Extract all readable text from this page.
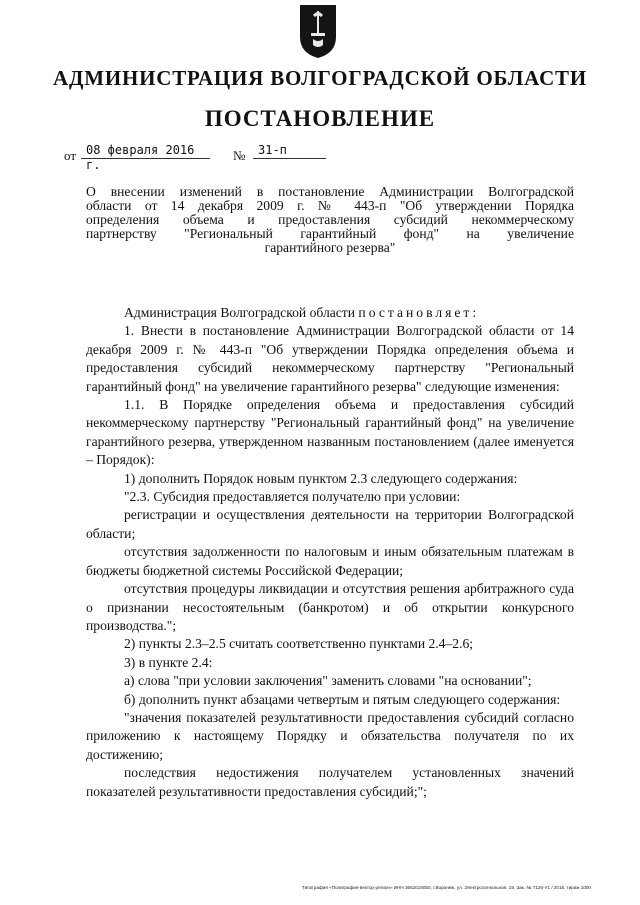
АДМИНИСТРАЦИЯ ВОЛГОГРАДСКОЙ ОБЛАСТИ
ПОСТАНОВЛЕНИЕ
от 08 февраля 2016 г.
№	31-п
О внесении изменений в постановление Администрации Волгоградской
области от 14 декабря 2009 г. № 443-п "Об утверждении Порядка
определения объема и предоставления субсидий некоммерческому
партнерству "Региональный гарантийный фонд" на увеличение
гарантийного резерва"

Администрация Волгоградской области постановляет:

1. Внести в постановление Администрации Волгоградской области от 14 декабря 2009 г. № 443-п "Об утверждении Порядка определения объема и предоставления субсидий некоммерческому партнерству "Региональный гарантийный фонд" на увеличение гарантийного резерва" следующие изменения:

1.1. В Порядке определения объема и предоставления субсидий некоммерческому партнерству "Региональный гарантийный фонд" на увеличение гарантийного резерва, утвержденном названным постановлением (далее именуется – Порядок):

1) дополнить Порядок новым пунктом 2.3 следующего содержания:

"2.3. Субсидия предоставляется получателю при условии:

регистрации и осуществления деятельности на территории Волгоградской области;

отсутствия задолженности по налоговым и иным обязательным платежам в бюджеты бюджетной системы Российской Федерации;

отсутствия процедуры ликвидации и отсутствия решения арбитражного суда о признании несостоятельным (банкротом) и об открытии конкурсного производства.";

2) пункты 2.3–2.5 считать соответственно пунктами 2.4–2.6;

3) в пункте 2.4:

а) слова "при условии заключения" заменить словами "на основании";

б) дополнить пункт абзацами четвертым и пятым следующего содержания:

"значения показателей результативности предоставления субсидий согласно приложению к настоящему Порядку и обязательства получателя по их достижению;

последствия недостижения получателем установленных значений показателей результативности предоставления субсидий;";

Типография «Полиграфия-вектор-регион» ИНН 3662016050, г.Воронеж, ул. Электросигнальная, 19, Зак. № Т126-У1 / 2016, тираж 1000
